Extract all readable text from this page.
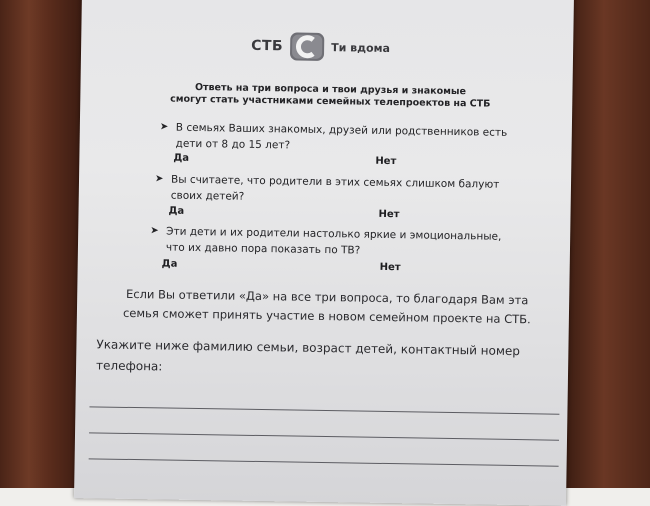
СТБ	Ти вдома
Ответь на три вопроса и твои друзья и знакомые
смогут стать участниками семейных телепроектов на СТБ
➤ В семьях Ваших знакомых, друзей или родственников есть
дети от 8 до 15 лет?
Да	Нет
➤ Вы считаете, что родители в этих семьях слишком балуют
своих детей?
Да	Нет
➤ Эти дети и их родители настолько яркие и эмоциональные,
что их давно пора показать по ТВ?
Да	Нет
Если Вы ответили «Да» на все три вопроса, то благодаря Вам эта
семья сможет принять участие в новом семейном проекте на СТБ.
Укажите ниже фамилию семьи, возраст детей, контактный номер
телефона:
